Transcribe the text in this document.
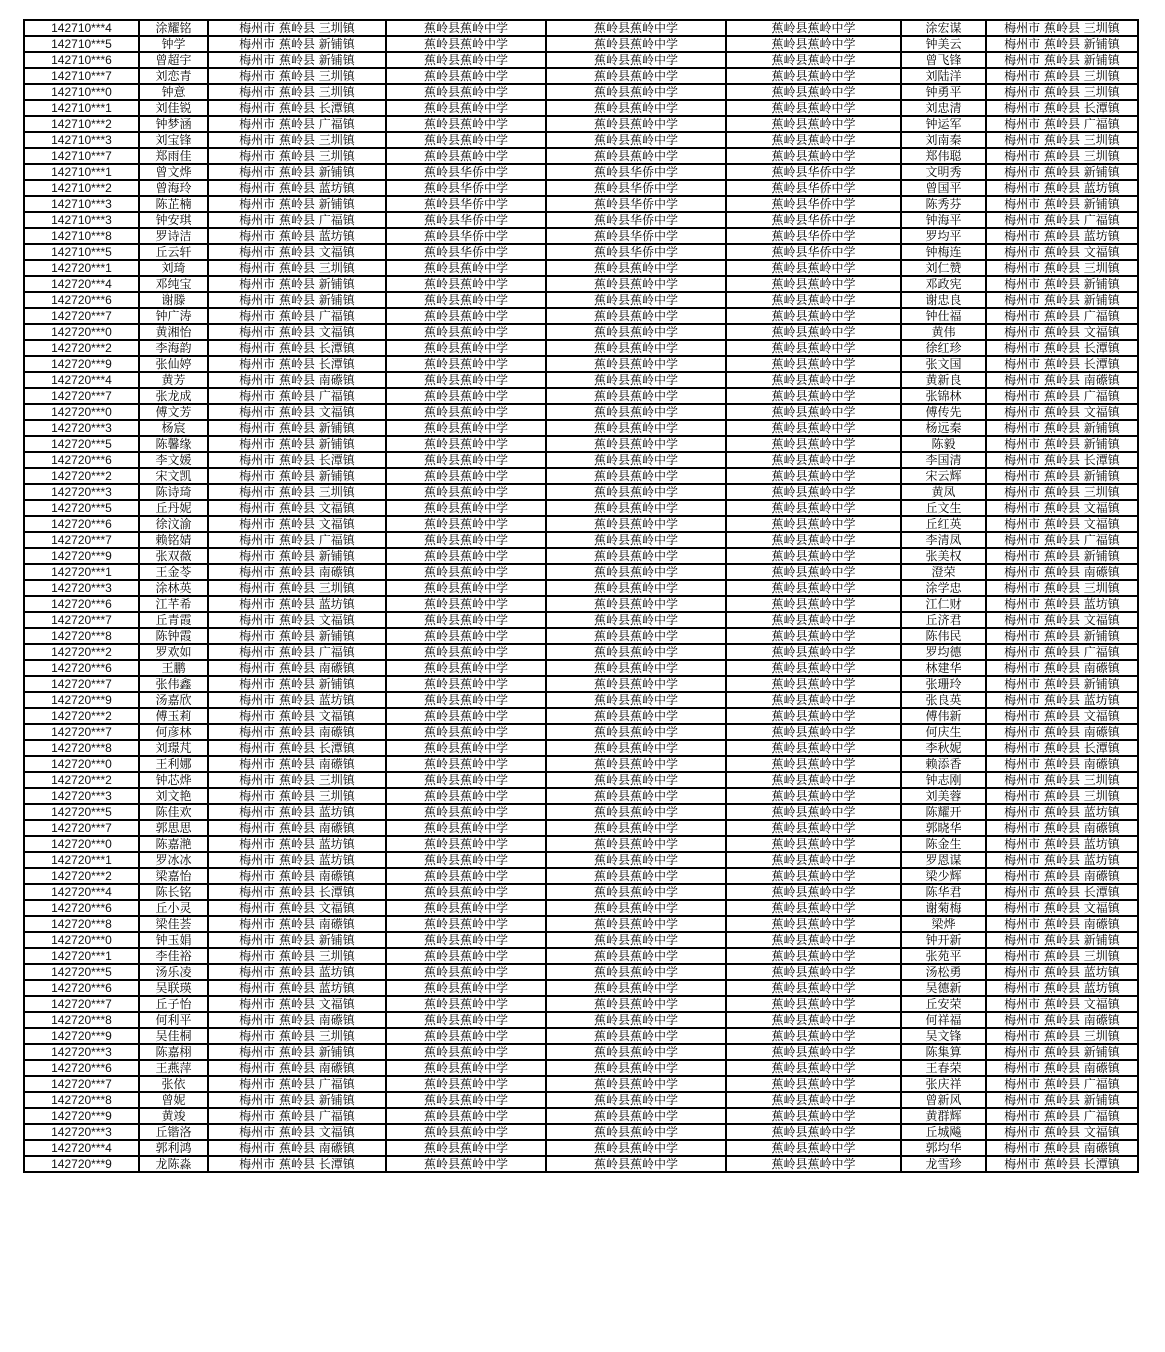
142710***4	涂耀铭	梅州市 蕉岭县 三圳镇	蕉岭县蕉岭中学	蕉岭县蕉岭中学	蕉岭县蕉岭中学	涂宏谋	梅州市 蕉岭县 三圳镇
142710***5	钟学	梅州市 蕉岭县 新铺镇	蕉岭县蕉岭中学	蕉岭县蕉岭中学	蕉岭县蕉岭中学	钟美云	梅州市 蕉岭县 新铺镇
142710***6	曾超宇	梅州市 蕉岭县 新铺镇	蕉岭县蕉岭中学	蕉岭县蕉岭中学	蕉岭县蕉岭中学	曾飞锋	梅州市 蕉岭县 新铺镇
142710***7	刘恋青	梅州市 蕉岭县 三圳镇	蕉岭县蕉岭中学	蕉岭县蕉岭中学	蕉岭县蕉岭中学	刘陆洋	梅州市 蕉岭县 三圳镇
142710***0	钟意	梅州市 蕉岭县 三圳镇	蕉岭县蕉岭中学	蕉岭县蕉岭中学	蕉岭县蕉岭中学	钟勇平	梅州市 蕉岭县 三圳镇
142710***1	刘佳锐	梅州市 蕉岭县 长潭镇	蕉岭县蕉岭中学	蕉岭县蕉岭中学	蕉岭县蕉岭中学	刘忠清	梅州市 蕉岭县 长潭镇
142710***2	钟梦涵	梅州市 蕉岭县 广福镇	蕉岭县蕉岭中学	蕉岭县蕉岭中学	蕉岭县蕉岭中学	钟运军	梅州市 蕉岭县 广福镇
142710***3	刘宝锋	梅州市 蕉岭县 三圳镇	蕉岭县蕉岭中学	蕉岭县蕉岭中学	蕉岭县蕉岭中学	刘南秦	梅州市 蕉岭县 三圳镇
142710***7	郑雨佳	梅州市 蕉岭县 三圳镇	蕉岭县蕉岭中学	蕉岭县蕉岭中学	蕉岭县蕉岭中学	郑伟聪	梅州市 蕉岭县 三圳镇
142710***1	曾文烨	梅州市 蕉岭县 新铺镇	蕉岭县华侨中学	蕉岭县华侨中学	蕉岭县华侨中学	文明秀	梅州市 蕉岭县 新铺镇
142710***2	曾海玲	梅州市 蕉岭县 蓝坊镇	蕉岭县华侨中学	蕉岭县华侨中学	蕉岭县华侨中学	曾国平	梅州市 蕉岭县 蓝坊镇
142710***3	陈芷楠	梅州市 蕉岭县 新铺镇	蕉岭县华侨中学	蕉岭县华侨中学	蕉岭县华侨中学	陈秀芬	梅州市 蕉岭县 新铺镇
142710***3	钟安琪	梅州市 蕉岭县 广福镇	蕉岭县华侨中学	蕉岭县华侨中学	蕉岭县华侨中学	钟海平	梅州市 蕉岭县 广福镇
142710***8	罗诗洁	梅州市 蕉岭县 蓝坊镇	蕉岭县华侨中学	蕉岭县华侨中学	蕉岭县华侨中学	罗均平	梅州市 蕉岭县 蓝坊镇
142710***5	丘云轩	梅州市 蕉岭县 文福镇	蕉岭县华侨中学	蕉岭县华侨中学	蕉岭县华侨中学	钟梅连	梅州市 蕉岭县 文福镇
142720***1	刘琦	梅州市 蕉岭县 三圳镇	蕉岭县蕉岭中学	蕉岭县蕉岭中学	蕉岭县蕉岭中学	刘仁赞	梅州市 蕉岭县 三圳镇
142720***4	邓纯宝	梅州市 蕉岭县 新铺镇	蕉岭县蕉岭中学	蕉岭县蕉岭中学	蕉岭县蕉岭中学	邓政宪	梅州市 蕉岭县 新铺镇
142720***6	谢滕	梅州市 蕉岭县 新铺镇	蕉岭县蕉岭中学	蕉岭县蕉岭中学	蕉岭县蕉岭中学	谢忠良	梅州市 蕉岭县 新铺镇
142720***7	钟广涛	梅州市 蕉岭县 广福镇	蕉岭县蕉岭中学	蕉岭县蕉岭中学	蕉岭县蕉岭中学	钟仕福	梅州市 蕉岭县 广福镇
142720***0	黄湘怡	梅州市 蕉岭县 文福镇	蕉岭县蕉岭中学	蕉岭县蕉岭中学	蕉岭县蕉岭中学	黄伟	梅州市 蕉岭县 文福镇
142720***2	李海韵	梅州市 蕉岭县 长潭镇	蕉岭县蕉岭中学	蕉岭县蕉岭中学	蕉岭县蕉岭中学	徐红珍	梅州市 蕉岭县 长潭镇
142720***9	张仙婷	梅州市 蕉岭县 长潭镇	蕉岭县蕉岭中学	蕉岭县蕉岭中学	蕉岭县蕉岭中学	张文国	梅州市 蕉岭县 长潭镇
142720***4	黄芳	梅州市 蕉岭县 南礤镇	蕉岭县蕉岭中学	蕉岭县蕉岭中学	蕉岭县蕉岭中学	黄新良	梅州市 蕉岭县 南礤镇
142720***7	张龙成	梅州市 蕉岭县 广福镇	蕉岭县蕉岭中学	蕉岭县蕉岭中学	蕉岭县蕉岭中学	张锦林	梅州市 蕉岭县 广福镇
142720***0	傅文芳	梅州市 蕉岭县 文福镇	蕉岭县蕉岭中学	蕉岭县蕉岭中学	蕉岭县蕉岭中学	傅传先	梅州市 蕉岭县 文福镇
142720***3	杨宸	梅州市 蕉岭县 新铺镇	蕉岭县蕉岭中学	蕉岭县蕉岭中学	蕉岭县蕉岭中学	杨远秦	梅州市 蕉岭县 新铺镇
142720***5	陈馨缘	梅州市 蕉岭县 新铺镇	蕉岭县蕉岭中学	蕉岭县蕉岭中学	蕉岭县蕉岭中学	陈毅	梅州市 蕉岭县 新铺镇
142720***6	李文媛	梅州市 蕉岭县 长潭镇	蕉岭县蕉岭中学	蕉岭县蕉岭中学	蕉岭县蕉岭中学	李国清	梅州市 蕉岭县 长潭镇
142720***2	宋文凯	梅州市 蕉岭县 新铺镇	蕉岭县蕉岭中学	蕉岭县蕉岭中学	蕉岭县蕉岭中学	宋云辉	梅州市 蕉岭县 新铺镇
142720***3	陈诗琦	梅州市 蕉岭县 三圳镇	蕉岭县蕉岭中学	蕉岭县蕉岭中学	蕉岭县蕉岭中学	黄凤	梅州市 蕉岭县 三圳镇
142720***5	丘丹妮	梅州市 蕉岭县 文福镇	蕉岭县蕉岭中学	蕉岭县蕉岭中学	蕉岭县蕉岭中学	丘文生	梅州市 蕉岭县 文福镇
142720***6	徐汶渝	梅州市 蕉岭县 文福镇	蕉岭县蕉岭中学	蕉岭县蕉岭中学	蕉岭县蕉岭中学	丘红英	梅州市 蕉岭县 文福镇
142720***7	赖铭婧	梅州市 蕉岭县 广福镇	蕉岭县蕉岭中学	蕉岭县蕉岭中学	蕉岭县蕉岭中学	李清凤	梅州市 蕉岭县 广福镇
142720***9	张双薇	梅州市 蕉岭县 新铺镇	蕉岭县蕉岭中学	蕉岭县蕉岭中学	蕉岭县蕉岭中学	张美权	梅州市 蕉岭县 新铺镇
142720***1	王金苓	梅州市 蕉岭县 南礤镇	蕉岭县蕉岭中学	蕉岭县蕉岭中学	蕉岭县蕉岭中学	澄荣	梅州市 蕉岭县 南礤镇
142720***3	涂林英	梅州市 蕉岭县 三圳镇	蕉岭县蕉岭中学	蕉岭县蕉岭中学	蕉岭县蕉岭中学	涂学忠	梅州市 蕉岭县 三圳镇
142720***6	江芊希	梅州市 蕉岭县 蓝坊镇	蕉岭县蕉岭中学	蕉岭县蕉岭中学	蕉岭县蕉岭中学	江仁财	梅州市 蕉岭县 蓝坊镇
142720***7	丘青霞	梅州市 蕉岭县 文福镇	蕉岭县蕉岭中学	蕉岭县蕉岭中学	蕉岭县蕉岭中学	丘济君	梅州市 蕉岭县 文福镇
142720***8	陈钟霞	梅州市 蕉岭县 新铺镇	蕉岭县蕉岭中学	蕉岭县蕉岭中学	蕉岭县蕉岭中学	陈伟民	梅州市 蕉岭县 新铺镇
142720***2	罗欢如	梅州市 蕉岭县 广福镇	蕉岭县蕉岭中学	蕉岭县蕉岭中学	蕉岭县蕉岭中学	罗均德	梅州市 蕉岭县 广福镇
142720***6	王鹏	梅州市 蕉岭县 南礤镇	蕉岭县蕉岭中学	蕉岭县蕉岭中学	蕉岭县蕉岭中学	林建华	梅州市 蕉岭县 南礤镇
142720***7	张伟鑫	梅州市 蕉岭县 新铺镇	蕉岭县蕉岭中学	蕉岭县蕉岭中学	蕉岭县蕉岭中学	张珊玲	梅州市 蕉岭县 新铺镇
142720***9	汤嘉欣	梅州市 蕉岭县 蓝坊镇	蕉岭县蕉岭中学	蕉岭县蕉岭中学	蕉岭县蕉岭中学	张良英	梅州市 蕉岭县 蓝坊镇
142720***2	傅玉莉	梅州市 蕉岭县 文福镇	蕉岭县蕉岭中学	蕉岭县蕉岭中学	蕉岭县蕉岭中学	傅伟新	梅州市 蕉岭县 文福镇
142720***7	何彦林	梅州市 蕉岭县 南礤镇	蕉岭县蕉岭中学	蕉岭县蕉岭中学	蕉岭县蕉岭中学	何庆生	梅州市 蕉岭县 南礤镇
142720***8	刘璟芃	梅州市 蕉岭县 长潭镇	蕉岭县蕉岭中学	蕉岭县蕉岭中学	蕉岭县蕉岭中学	李秋妮	梅州市 蕉岭县 长潭镇
142720***0	王利娜	梅州市 蕉岭县 南礤镇	蕉岭县蕉岭中学	蕉岭县蕉岭中学	蕉岭县蕉岭中学	赖添香	梅州市 蕉岭县 南礤镇
142720***2	钟芯烨	梅州市 蕉岭县 三圳镇	蕉岭县蕉岭中学	蕉岭县蕉岭中学	蕉岭县蕉岭中学	钟志刚	梅州市 蕉岭县 三圳镇
142720***3	刘文艳	梅州市 蕉岭县 三圳镇	蕉岭县蕉岭中学	蕉岭县蕉岭中学	蕉岭县蕉岭中学	刘美蓉	梅州市 蕉岭县 三圳镇
142720***5	陈佳欢	梅州市 蕉岭县 蓝坊镇	蕉岭县蕉岭中学	蕉岭县蕉岭中学	蕉岭县蕉岭中学	陈耀开	梅州市 蕉岭县 蓝坊镇
142720***7	郭思思	梅州市 蕉岭县 南礤镇	蕉岭县蕉岭中学	蕉岭县蕉岭中学	蕉岭县蕉岭中学	郭晓华	梅州市 蕉岭县 南礤镇
142720***0	陈嘉滟	梅州市 蕉岭县 蓝坊镇	蕉岭县蕉岭中学	蕉岭县蕉岭中学	蕉岭县蕉岭中学	陈金生	梅州市 蕉岭县 蓝坊镇
142720***1	罗冰冰	梅州市 蕉岭县 蓝坊镇	蕉岭县蕉岭中学	蕉岭县蕉岭中学	蕉岭县蕉岭中学	罗恩谋	梅州市 蕉岭县 蓝坊镇
142720***2	梁嘉怡	梅州市 蕉岭县 南礤镇	蕉岭县蕉岭中学	蕉岭县蕉岭中学	蕉岭县蕉岭中学	梁少辉	梅州市 蕉岭县 南礤镇
142720***4	陈长铭	梅州市 蕉岭县 长潭镇	蕉岭县蕉岭中学	蕉岭县蕉岭中学	蕉岭县蕉岭中学	陈华君	梅州市 蕉岭县 长潭镇
142720***6	丘小灵	梅州市 蕉岭县 文福镇	蕉岭县蕉岭中学	蕉岭县蕉岭中学	蕉岭县蕉岭中学	谢菊梅	梅州市 蕉岭县 文福镇
142720***8	梁佳荟	梅州市 蕉岭县 南礤镇	蕉岭县蕉岭中学	蕉岭县蕉岭中学	蕉岭县蕉岭中学	梁烨	梅州市 蕉岭县 南礤镇
142720***0	钟玉娟	梅州市 蕉岭县 新铺镇	蕉岭县蕉岭中学	蕉岭县蕉岭中学	蕉岭县蕉岭中学	钟开新	梅州市 蕉岭县 新铺镇
142720***1	李佳裕	梅州市 蕉岭县 三圳镇	蕉岭县蕉岭中学	蕉岭县蕉岭中学	蕉岭县蕉岭中学	张苑平	梅州市 蕉岭县 三圳镇
142720***5	汤乐凌	梅州市 蕉岭县 蓝坊镇	蕉岭县蕉岭中学	蕉岭县蕉岭中学	蕉岭县蕉岭中学	汤松勇	梅州市 蕉岭县 蓝坊镇
142720***6	吴联瑛	梅州市 蕉岭县 蓝坊镇	蕉岭县蕉岭中学	蕉岭县蕉岭中学	蕉岭县蕉岭中学	吴德新	梅州市 蕉岭县 蓝坊镇
142720***7	丘子怡	梅州市 蕉岭县 文福镇	蕉岭县蕉岭中学	蕉岭县蕉岭中学	蕉岭县蕉岭中学	丘安荣	梅州市 蕉岭县 文福镇
142720***8	何利平	梅州市 蕉岭县 南礤镇	蕉岭县蕉岭中学	蕉岭县蕉岭中学	蕉岭县蕉岭中学	何祥福	梅州市 蕉岭县 南礤镇
142720***9	吴佳桐	梅州市 蕉岭县 三圳镇	蕉岭县蕉岭中学	蕉岭县蕉岭中学	蕉岭县蕉岭中学	吴文锋	梅州市 蕉岭县 三圳镇
142720***3	陈嘉栩	梅州市 蕉岭县 新铺镇	蕉岭县蕉岭中学	蕉岭县蕉岭中学	蕉岭县蕉岭中学	陈集算	梅州市 蕉岭县 新铺镇
142720***6	王燕萍	梅州市 蕉岭县 南礤镇	蕉岭县蕉岭中学	蕉岭县蕉岭中学	蕉岭县蕉岭中学	王春荣	梅州市 蕉岭县 南礤镇
142720***7	张依	梅州市 蕉岭县 广福镇	蕉岭县蕉岭中学	蕉岭县蕉岭中学	蕉岭县蕉岭中学	张庆祥	梅州市 蕉岭县 广福镇
142720***8	曾妮	梅州市 蕉岭县 新铺镇	蕉岭县蕉岭中学	蕉岭县蕉岭中学	蕉岭县蕉岭中学	曾新风	梅州市 蕉岭县 新铺镇
142720***9	黄竣	梅州市 蕉岭县 广福镇	蕉岭县蕉岭中学	蕉岭县蕉岭中学	蕉岭县蕉岭中学	黄群辉	梅州市 蕉岭县 广福镇
142720***3	丘锴洛	梅州市 蕉岭县 文福镇	蕉岭县蕉岭中学	蕉岭县蕉岭中学	蕉岭县蕉岭中学	丘城飚	梅州市 蕉岭县 文福镇
142720***4	郭利鸿	梅州市 蕉岭县 南礤镇	蕉岭县蕉岭中学	蕉岭县蕉岭中学	蕉岭县蕉岭中学	郭均华	梅州市 蕉岭县 南礤镇
142720***9	龙陈淼	梅州市 蕉岭县 长潭镇	蕉岭县蕉岭中学	蕉岭县蕉岭中学	蕉岭县蕉岭中学	龙雪珍	梅州市 蕉岭县 长潭镇
